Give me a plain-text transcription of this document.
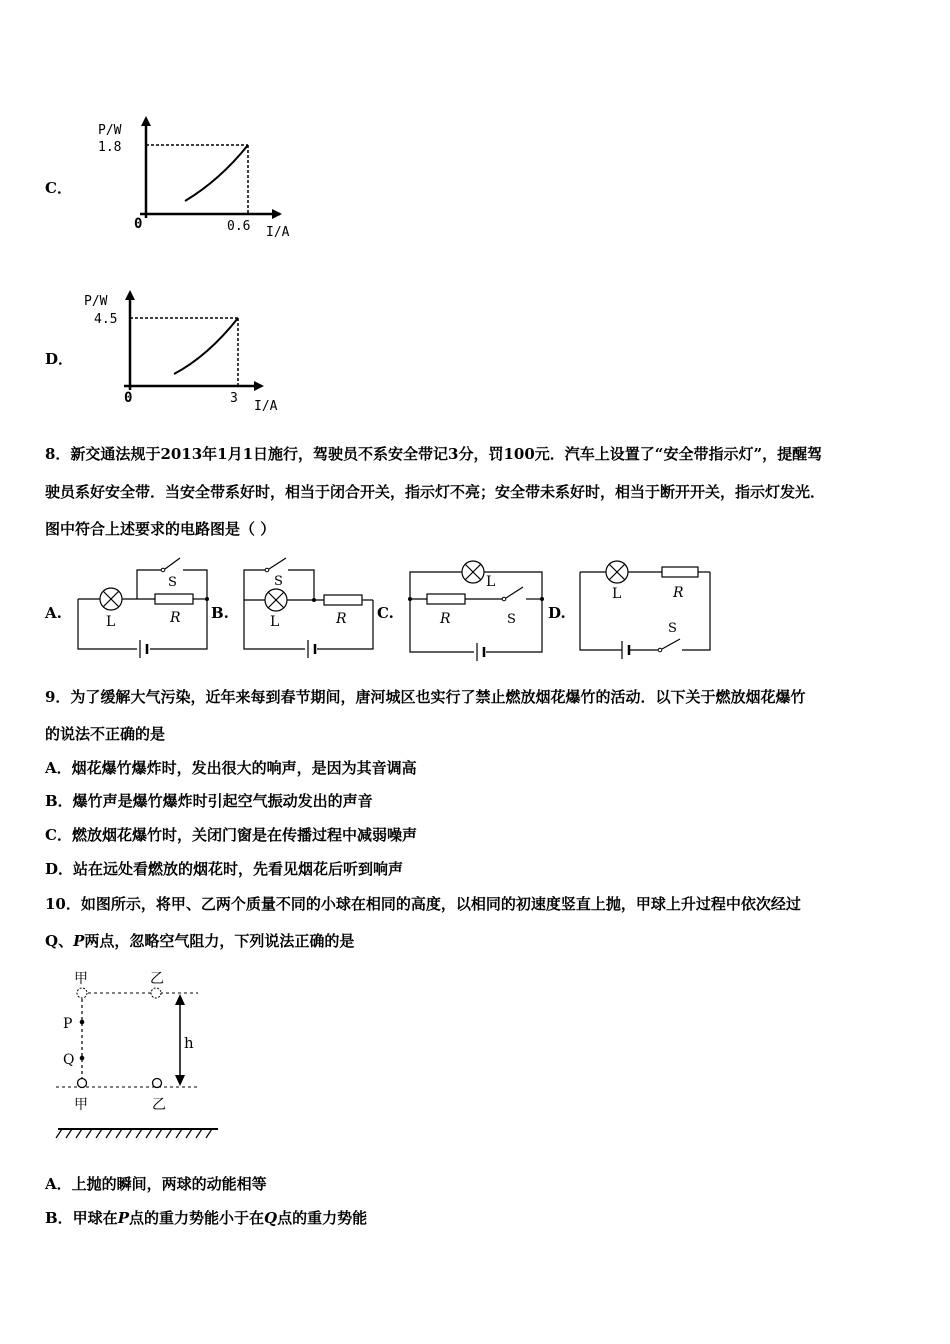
C．
P/W
1.8
0	0.6 I/A
D．
P/W
4.5
0	3
I/A
8．新交通法规于2013年1月1日施行，驾驶员不系安全带记3分，罚100元．汽车上设置了“安全带指示灯”，提醒驾
驶员系好安全带．当安全带系好时，相当于闭合开关，指示灯不亮；安全带未系好时，相当于断开开关，指示灯发光．
图中符合上述要求的电路图是（ ）
A.	L	R
S
B.	L	R
S
C.
L
R	S D.
L	R
S
9．为了缓解大气污染，近年来每到春节期间，唐河城区也实行了禁止燃放烟花爆竹的活动．以下关于燃放烟花爆竹
的说法不正确的是
A．烟花爆竹爆炸时，发出很大的响声，是因为其音调高
B．爆竹声是爆竹爆炸时引起空气振动发出的声音
C．燃放烟花爆竹时，关闭门窗是在传播过程中减弱噪声
D．站在远处看燃放的烟花时，先看见烟花后听到响声
10．如图所示，将甲、乙两个质量不同的小球在相同的高度，以相同的初速度竖直上抛，甲球上升过程中依次经过
Q、P两点，忽略空气阻力，下列说法正确的是
甲	乙
P
Q
h
甲	乙
A．上抛的瞬间，两球的动能相等
B．甲球在P点的重力势能小于在Q点的重力势能
